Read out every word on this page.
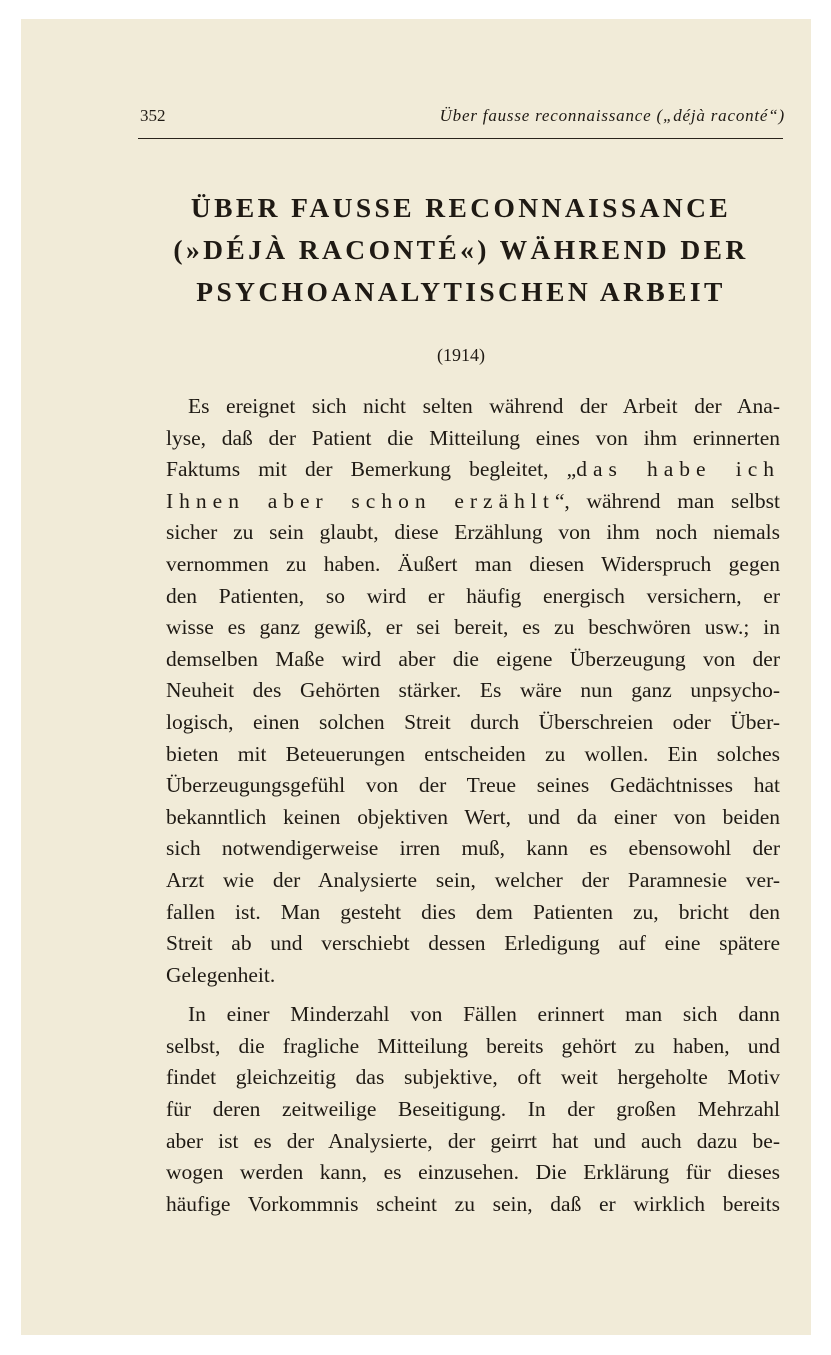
352	Über fausse reconnaissance („déjà raconté“)
ÜBER FAUSSE RECONNAISSANCE
(»DÉJÀ RACONTÉ«) WÄHREND DER
PSYCHOANALYTISCHEN ARBEIT
(1914)
Es ereignet sich nicht selten während der Arbeit der Ana-
lyse, daß der Patient die Mitteilung eines von ihm erinnerten
Faktums mit der Bemerkung begleitet, „das habe ich
Ihnen aber schon erzählt“, während man selbst
sicher zu sein glaubt, diese Erzählung von ihm noch niemals
vernommen zu haben. Äußert man diesen Widerspruch gegen
den Patienten, so wird er häufig energisch versichern, er
wisse es ganz gewiß, er sei bereit, es zu beschwören usw.; in
demselben Maße wird aber die eigene Überzeugung von der
Neuheit des Gehörten stärker. Es wäre nun ganz unpsycho-
logisch, einen solchen Streit durch Überschreien oder Über-
bieten mit Beteuerungen entscheiden zu wollen. Ein solches
Überzeugungsgefühl von der Treue seines Gedächtnisses hat
bekanntlich keinen objektiven Wert, und da einer von beiden
sich notwendigerweise irren muß, kann es ebensowohl der
Arzt wie der Analysierte sein, welcher der Paramnesie ver-
fallen ist. Man gesteht dies dem Patienten zu, bricht den
Streit ab und verschiebt dessen Erledigung auf eine spätere
Gelegenheit.
In einer Minderzahl von Fällen erinnert man sich dann
selbst, die fragliche Mitteilung bereits gehört zu haben, und
findet gleichzeitig das subjektive, oft weit hergeholte Motiv
für deren zeitweilige Beseitigung. In der großen Mehrzahl
aber ist es der Analysierte, der geirrt hat und auch dazu be-
wogen werden kann, es einzusehen. Die Erklärung für dieses
häufige Vorkommnis scheint zu sein, daß er wirklich bereits
